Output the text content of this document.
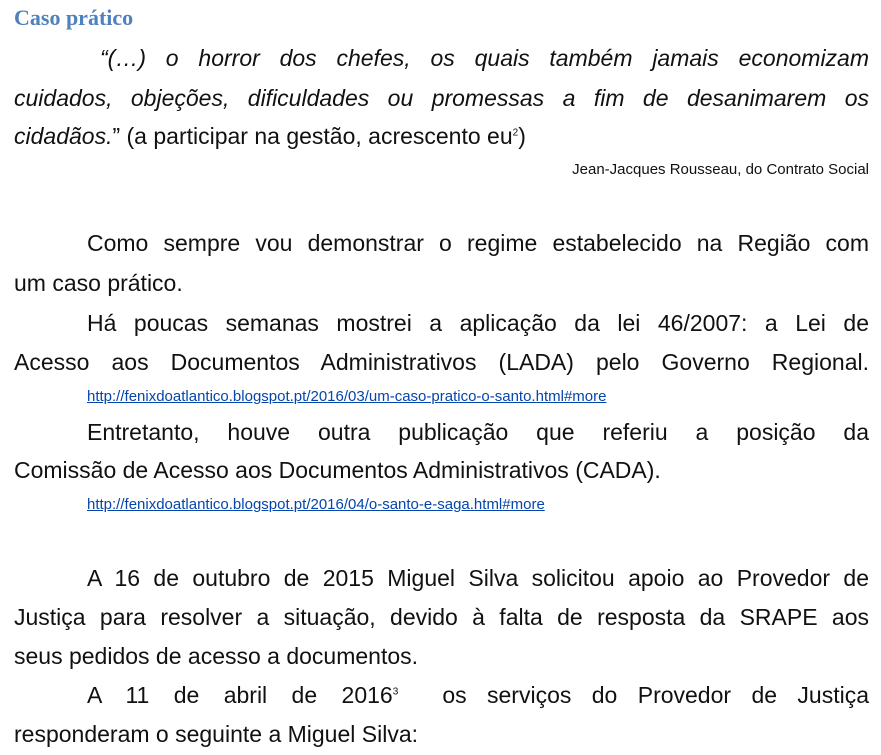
Caso prático
“(…) o horror dos chefes, os quais também jamais economizam
cuidados, objeções, dificuldades ou promessas a fim de desanimarem os
cidadãos.” (a participar na gestão, acrescento eu$^2$)
Jean-Jacques Rousseau, do Contrato Social
Como sempre vou demonstrar o regime estabelecido na Região com
um caso prático.
Há poucas semanas mostrei a aplicação da lei 46/2007: a Lei de
Acesso aos Documentos Administrativos (LADA) pelo Governo Regional.
http://fenixdoatlantico.blogspot.pt/2016/03/um-caso-pratico-o-santo.html#more
Entretanto, houve outra publicação que referiu a posição da
Comissão de Acesso aos Documentos Administrativos (CADA).
http://fenixdoatlantico.blogspot.pt/2016/04/o-santo-e-saga.html#more
A 16 de outubro de 2015 Miguel Silva solicitou apoio ao Provedor de
Justiça para resolver a situação, devido à falta de resposta da SRAPE aos
seus pedidos de acesso a documentos.
A 11 de abril de 2016$^3$ os serviços do Provedor de Justiça
responderam o seguinte a Miguel Silva:
